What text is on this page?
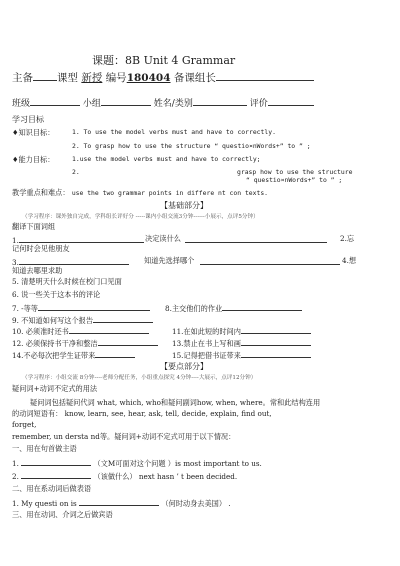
课题：8B Unit 4 Grammar
主备 课型 新授 编号180404 备课组长
班级	小组	姓名/类别	评价
学习目标
♦知识目标：	1. To use the model verbs must and have to correctly.
2. To grasp how to use the structure “ questio¤nWords+” to ” ;
♦能力目标：	1.use the model verbs must and have to correctly;
2.	grasp how to use the structure
“ questio¤nWords+” to ” ;
教学重点和难点： use the two grammar points in differe nt con texts.
【基础部分】
（学习程序：课外独自完成，学科组长评好分 -----课内小组交流3分钟------小展示，点评5分钟）
翻译下面词组
1.	决定读什么	2.忘
记何时会见他朋友
3.	知道先选择哪个	4.想
知道去哪里求助
5. 清楚明天什么时候在校门口见面
6. 说一些关于这本书的评论
7. -等等	8.主交他们的作业
9. 不知道如何写这个报告
10. 必须准时还书	11.在如此短的时间内
12. 必须保持书干净和整洁	13.禁止在书上写和画
14.不必每次把学生证带来	15.记得把借书证带来
【要点部分】
（学习程序：小组交流 8分钟----老师分配任务，小组重点探究 4分钟----大展示，点评12分钟）
疑问词+动词不定式的用法
疑问词包括疑问代词 what, which, who和疑问副词how, when, where。常和此结构连用
的动词短语有： know, learn, see, hear, ask, tell, decide, explain, find out,
forget,
remember, un dersta nd等。疑问词+动词不定式可用于以下情况：
一、用在句首做主语
1.	（文M可面对这个问题 ）is most important to us.
2.	（该做什么） next hasn ’ t been decided.
二、用在系动词后做表语
1. My questi on is	（何时动身去美国） .
三、用在动词、介词之后做宾语
